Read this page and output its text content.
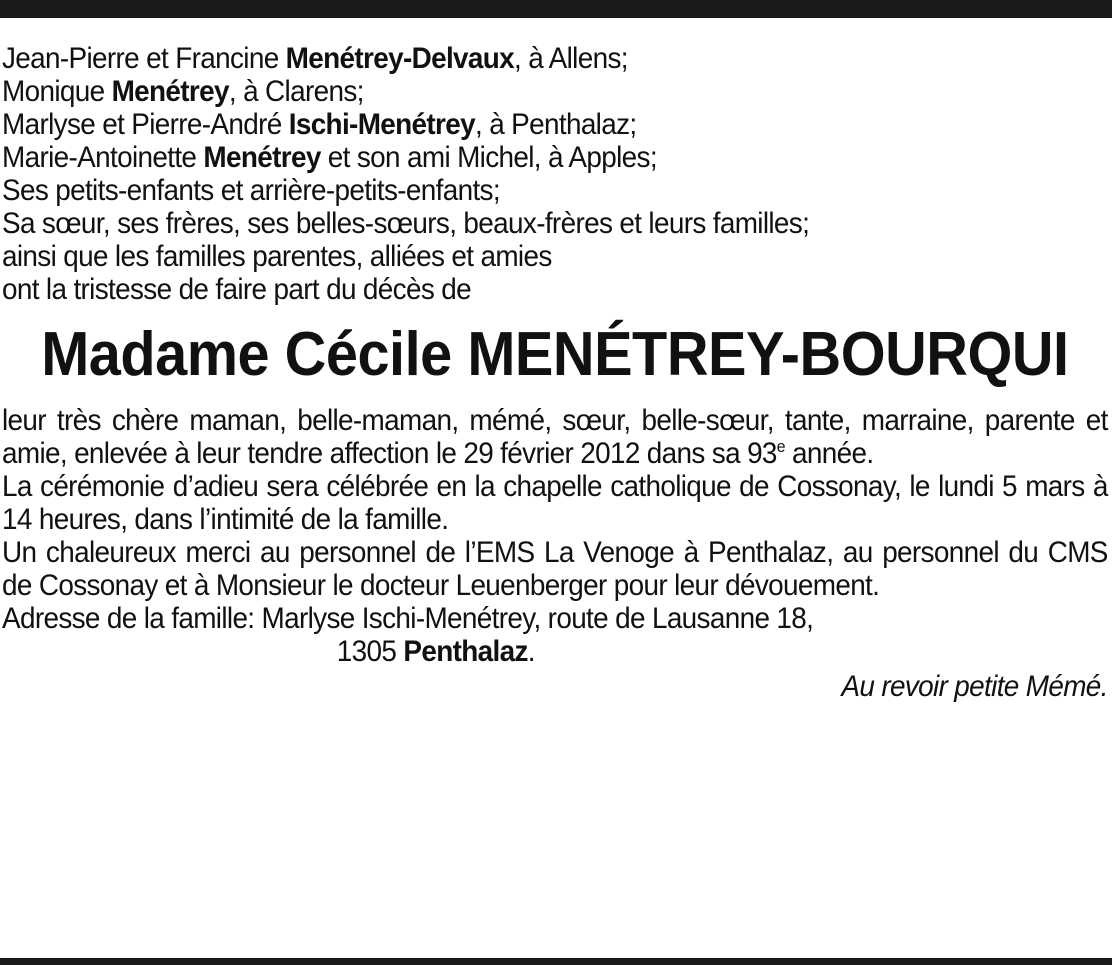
Jean-Pierre et Francine Menétrey-Delvaux, à Allens;

Monique Menétrey, à Clarens;

Marlyse et Pierre-André Ischi-Menétrey, à Penthalaz;

Marie-Antoinette Menétrey et son ami Michel, à Apples;

Ses petits-enfants et arrière-petits-enfants;

Sa sœur, ses frères, ses belles-sœurs, beaux-frères et leurs familles;

ainsi que les familles parentes, alliées et amies

ont la tristesse de faire part du décès de

Madame Cécile MENÉTREY-BOURQUI

leur très chère maman, belle-maman, mémé, sœur, belle-sœur, tante, marraine, parente et amie, enlevée à leur tendre affection le 29 février 2012 dans sa 93e année.

La cérémonie d’adieu sera célébrée en la chapelle catholique de Cossonay, le lundi 5 mars à 14 heures, dans l’intimité de la famille.

Un chaleureux merci au personnel de l’EMS La Venoge à Penthalaz, au personnel du CMS de Cossonay et à Monsieur le docteur Leuenberger pour leur dévouement.

Adresse de la famille: Marlyse Ischi-Menétrey, route de Lausanne 18,

1305 Penthalaz.

Au revoir petite Mémé.
